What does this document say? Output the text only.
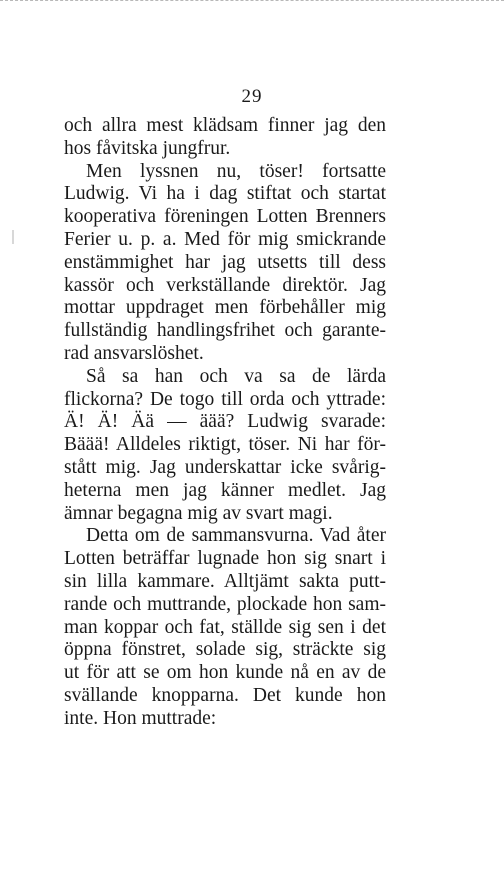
29
och allra mest klädsam finner jag den
hos fåvitska jungfrur.
Men lyssnen nu, töser! fortsatte
Ludwig. Vi ha i dag stiftat och startat
kooperativa föreningen Lotten Brenners
Ferier u. p. a. Med för mig smickrande
enstämmighet har jag utsetts till dess
kassör och verkställande direktör. Jag
mottar uppdraget men förbehåller mig
fullständig handlingsfrihet och garante-
rad ansvarslöshet.
Så sa han och va sa de lärda
flickorna? De togo till orda och yttrade:
Ä! Ä! Ää — äää? Ludwig svarade:
Bäää! Alldeles riktigt, töser. Ni har för-
stått mig. Jag underskattar icke svårig-
heterna men jag känner medlet. Jag
ämnar begagna mig av svart magi.
Detta om de sammansvurna. Vad åter
Lotten beträffar lugnade hon sig snart i
sin lilla kammare. Alltjämt sakta putt-
rande och muttrande, plockade hon sam-
man koppar och fat, ställde sig sen i det
öppna fönstret, solade sig, sträckte sig
ut för att se om hon kunde nå en av de
svällande knopparna. Det kunde hon
inte. Hon muttrade:
